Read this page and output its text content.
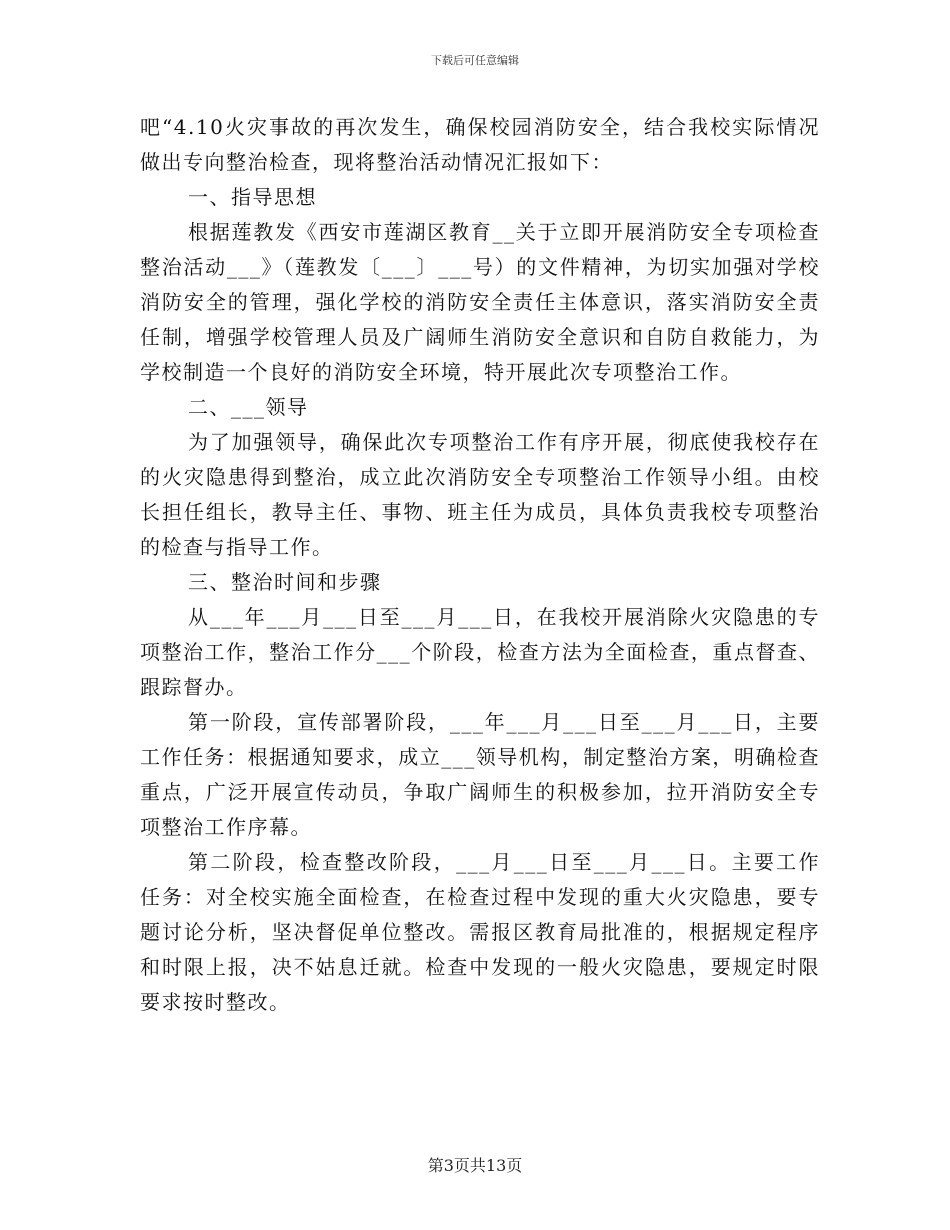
下载后可任意编辑

吧“4.10火灾事故的再次发生，确保校园消防安全，结合我校实际情况做出专向整治检查，现将整治活动情况汇报如下：

一、指导思想

根据莲教发《西安市莲湖区教育__关于立即开展消防安全专项检查整治活动___》（莲教发〔___〕___号）的文件精神，为切实加强对学校消防安全的管理，强化学校的消防安全责任主体意识，落实消防安全责任制，增强学校管理人员及广阔师生消防安全意识和自防自救能力，为学校制造一个良好的消防安全环境，特开展此次专项整治工作。

二、___领导

为了加强领导，确保此次专项整治工作有序开展，彻底使我校存在的火灾隐患得到整治，成立此次消防安全专项整治工作领导小组。由校长担任组长，教导主任、事物、班主任为成员，具体负责我校专项整治的检查与指导工作。

三、整治时间和步骤

从___年___月___日至___月___日，在我校开展消除火灾隐患的专项整治工作，整治工作分___个阶段，检查方法为全面检查，重点督查、跟踪督办。

第一阶段，宣传部署阶段，___年___月___日至___月___日，主要工作任务：根据通知要求，成立___领导机构，制定整治方案，明确检查重点，广泛开展宣传动员，争取广阔师生的积极参加，拉开消防安全专项整治工作序幕。

第二阶段，检查整改阶段，___月___日至___月___日。主要工作任务：对全校实施全面检查，在检查过程中发现的重大火灾隐患，要专题讨论分析，坚决督促单位整改。需报区教育局批准的，根据规定程序和时限上报，决不姑息迁就。检查中发现的一般火灾隐患，要规定时限要求按时整改。

第3页共13页
